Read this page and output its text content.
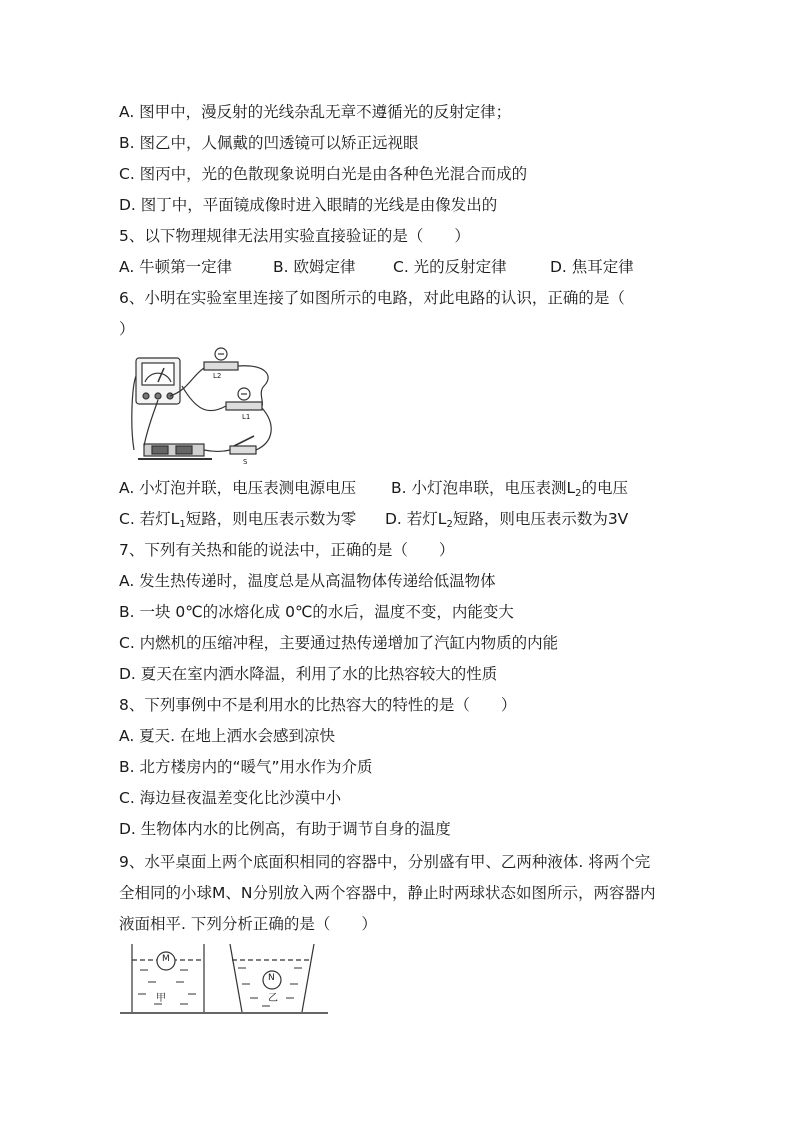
A. 图甲中，漫反射的光线杂乱无章不遵循光的反射定律；
B. 图乙中，人佩戴的凹透镜可以矫正远视眼
C. 图丙中，光的色散现象说明白光是由各种色光混合而成的
D. 图丁中，平面镜成像时进入眼睛的光线是由像发出的
5、以下物理规律无法用实验直接验证的是（　　）
A. 牛顿第一定律	B. 欧姆定律 C. 光的反射定律	D. 焦耳定律
6、小明在实验室里连接了如图所示的电路，对此电路的认识，正确的是（
）
L2
L1
S
A. 小灯泡并联，电压表测电源电压 B. 小灯泡串联，电压表测$L_2$的电压
C. 若灯$L_1$短路，则电压表示数为零 D. 若灯$L_2$短路，则电压表示数为3V
7、下列有关热和能的说法中，正确的是（　　）
A. 发生热传递时，温度总是从高温物体传递给低温物体
B. 一块 0℃的冰熔化成 0℃的水后，温度不变，内能变大
C. 内燃机的压缩冲程，主要通过热传递增加了汽缸内物质的内能
D. 夏天在室内洒水降温，利用了水的比热容较大的性质
8、下列事例中不是利用水的比热容大的特性的是（　　）
A. 夏天. 在地上洒水会感到凉快
B. 北方楼房内的“暖气”用水作为介质
C. 海边昼夜温差变化比沙漠中小
D. 生物体内水的比例高，有助于调节自身的温度
9、水平桌面上两个底面积相同的容器中，分别盛有甲、乙两种液体. 将两个完
全相同的小球M、N分别放入两个容器中，静止时两球状态如图所示，两容器内
液面相平. 下列分析正确的是（　　）
M
N
甲	乙
